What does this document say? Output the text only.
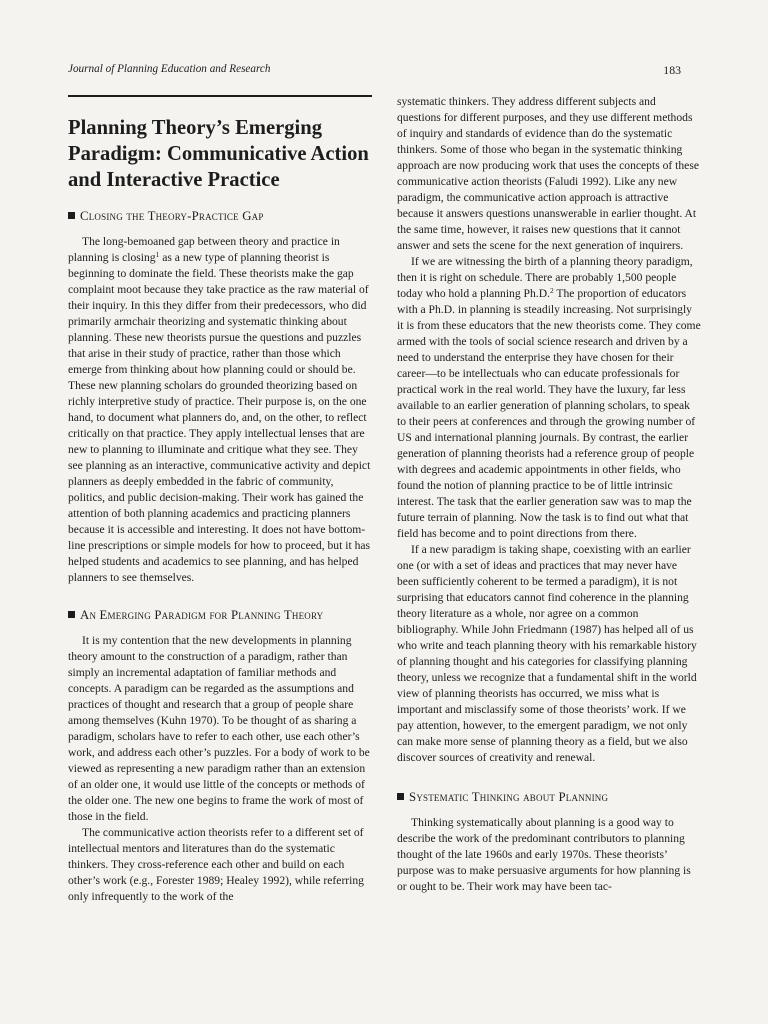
Journal of Planning Education and Research	183
Planning Theory’s Emerging Paradigm: Communicative Action and Interactive Practice
Closing the Theory-Practice Gap

The long-bemoaned gap between theory and practice in planning is closing$^1$ as a new type of planning theorist is beginning to dominate the field. These theorists make the gap complaint moot because they take practice as the raw material of their inquiry. In this they differ from their predecessors, who did primarily armchair theorizing and systematic thinking about planning. These new theorists pursue the questions and puzzles that arise in their study of practice, rather than those which emerge from thinking about how planning could or should be. These new planning scholars do grounded theorizing based on richly interpretive study of practice. Their purpose is, on the one hand, to document what planners do, and, on the other, to reflect critically on that practice. They apply intellectual lenses that are new to planning to illuminate and critique what they see. They see planning as an interactive, communicative activity and depict planners as deeply embedded in the fabric of community, politics, and public decision-making. Their work has gained the attention of both planning academics and practicing planners because it is accessible and interesting. It does not have bottom-line prescriptions or simple models for how to proceed, but it has helped students and academics to see planning, and has helped planners to see themselves.

An Emerging Paradigm for Planning Theory

It is my contention that the new developments in planning theory amount to the construction of a paradigm, rather than simply an incremental adaptation of familiar methods and concepts. A paradigm can be regarded as the assumptions and practices of thought and research that a group of people share among themselves (Kuhn 1970). To be thought of as sharing a paradigm, scholars have to refer to each other, use each other’s work, and address each other’s puzzles. For a body of work to be viewed as representing a new paradigm rather than an extension of an older one, it would use little of the concepts or methods of the older one. The new one begins to frame the work of most of those in the field.

The communicative action theorists refer to a different set of intellectual mentors and literatures than do the systematic thinkers. They cross-reference each other and build on each other’s work (e.g., Forester 1989; Healey 1992), while referring only infrequently to the work of the

systematic thinkers. They address different subjects and questions for different purposes, and they use different methods of inquiry and standards of evidence than do the systematic thinkers. Some of those who began in the systematic thinking approach are now producing work that uses the concepts of these communicative action theorists (Faludi 1992). Like any new paradigm, the communicative action approach is attractive because it answers questions unanswerable in earlier thought. At the same time, however, it raises new questions that it cannot answer and sets the scene for the next generation of inquirers.

If we are witnessing the birth of a planning theory paradigm, then it is right on schedule. There are probably 1,500 people today who hold a planning Ph.D.$^2$ The proportion of educators with a Ph.D. in planning is steadily increasing. Not surprisingly it is from these educators that the new theorists come. They come armed with the tools of social science research and driven by a need to understand the enterprise they have chosen for their career—to be intellectuals who can educate professionals for practical work in the real world. They have the luxury, far less available to an earlier generation of planning scholars, to speak to their peers at conferences and through the growing number of US and international planning journals. By contrast, the earlier generation of planning theorists had a reference group of people with degrees and academic appointments in other fields, who found the notion of planning practice to be of little intrinsic interest. The task that the earlier generation saw was to map the future terrain of planning. Now the task is to find out what that field has become and to point directions from there.

If a new paradigm is taking shape, coexisting with an earlier one (or with a set of ideas and practices that may never have been sufficiently coherent to be termed a paradigm), it is not surprising that educators cannot find coherence in the planning theory literature as a whole, nor agree on a common bibliography. While John Friedmann (1987) has helped all of us who write and teach planning theory with his remarkable history of planning thought and his categories for classifying planning theory, unless we recognize that a fundamental shift in the world view of planning theorists has occurred, we miss what is important and misclassify some of those theorists’ work. If we pay attention, however, to the emergent paradigm, we not only can make more sense of planning theory as a field, but we also discover sources of creativity and renewal.

Systematic Thinking about Planning

Thinking systematically about planning is a good way to describe the work of the predominant contributors to planning thought of the late 1960s and early 1970s. These theorists’ purpose was to make persuasive arguments for how planning is or ought to be. Their work may have been tac-
